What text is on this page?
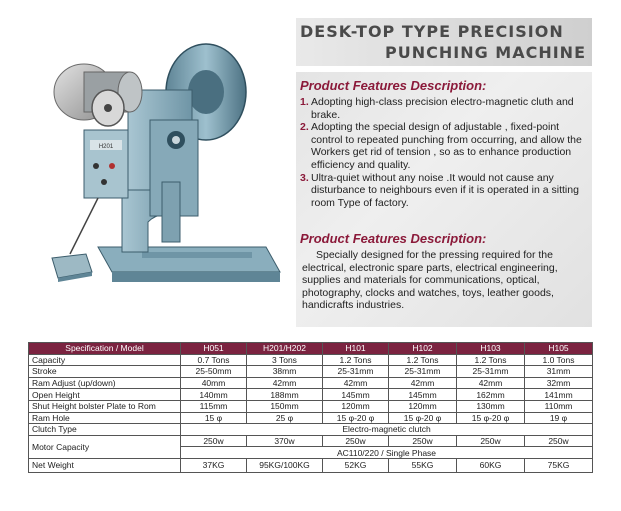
H201
DESK-TOP TYPE PRECISION
PUNCHING MACHINE
Product Features Description:
1. Adopting high-class precision electro-magnetic cluth and brake.
2. Adopting the special design of adjustable , fixed-point control to repeated punching from occurring, and allow the Workers get rid of tension , so as to enhance production efficiency and quality.
3. Ultra-quiet without any noise .It would not cause any disturbance to neighbours even if it is operated in a sitting room Type of factory.
Product Features Description:
Specially designed for the pressing required for the electrical, electronic spare parts, electrical engineering, supplies and materials for communications, optical, photography, clocks and watches, toys, leather goods, handicrafts industries.
Specification / Model	H051	H201/H202	H101	H102	H103	H105
Capacity	0.7 Tons	3 Tons	1.2 Tons	1.2 Tons	1.2 Tons	1.0 Tons
Stroke	25-50mm	38mm	25-31mm	25-31mm	25-31mm	31mm
Ram Adjust (up/down)	40mm	42mm	42mm	42mm	42mm	32mm
Open Height	140mm	188mm	145mm	145mm	162mm	141mm
Shut Height bolster Plate to Rom	115mm	150mm	120mm	120mm	130mm	110mm
Ram Hole	15 φ	25 φ	15 φ-20 φ	15 φ-20 φ	15 φ-20 φ	19 φ
Clutch Type	Electro-magnetic clutch					
Motor Capacity	250w	370w	250w	250w	250w	250w
	AC110/220 / Single Phase					
Net Weight	37KG	95KG/100KG	52KG	55KG	60KG	75KG
